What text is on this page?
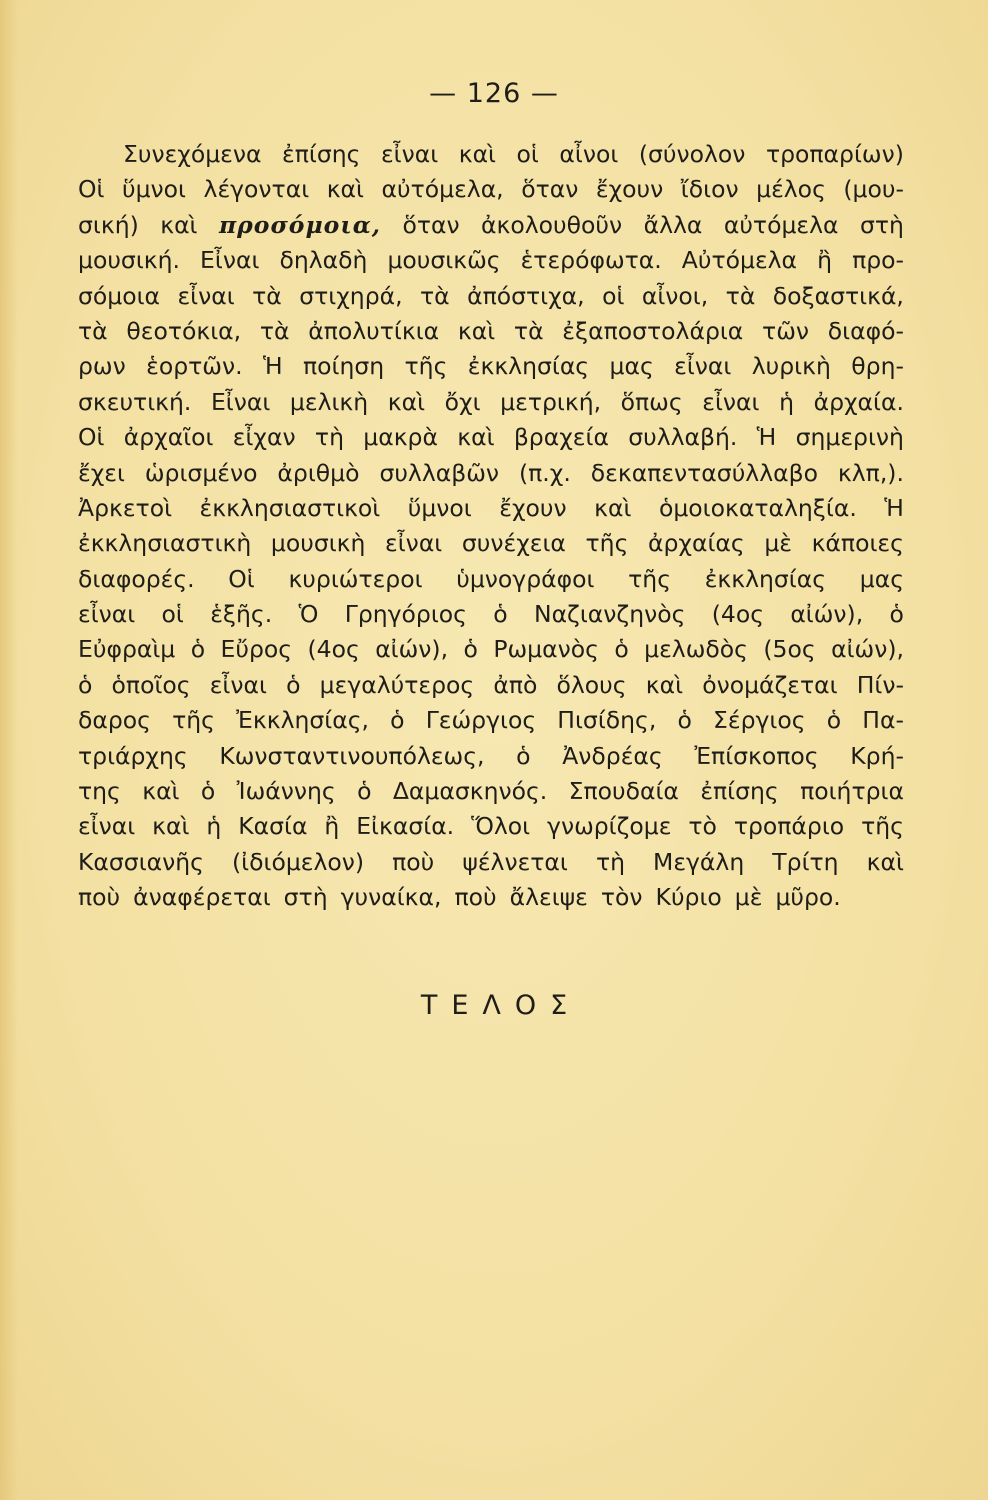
— 126 —
Συνεχόμενα ἐπίσης εἶναι καὶ οἱ αἶνοι (σύνολον τροπαρίων)
Οἱ ὕμνοι λέγονται καὶ αὐτόμελα, ὅταν ἔχουν ἴδιον μέλος (μου-
σική) καὶ προσόμοια, ὅταν ἀκολουθοῦν ἄλλα αὐτόμελα στὴ
μουσική. Εἶναι δηλαδὴ μουσικῶς ἑτερόφωτα. Αὐτόμελα ἢ προ-
σόμοια εἶναι τὰ στιχηρά, τὰ ἀπόστιχα, οἱ αἶνοι, τὰ δοξαστικά,
τὰ θεοτόκια, τὰ ἀπολυτίκια καὶ τὰ ἐξαποστολάρια τῶν διαφό-
ρων ἑορτῶν. Ἡ ποίηση τῆς ἐκκλησίας μας εἶναι λυρικὴ θρη-
σκευτική. Εἶναι μελικὴ καὶ ὄχι μετρική, ὅπως εἶναι ἡ ἀρχαία.
Οἱ ἀρχαῖοι εἶχαν τὴ μακρὰ καὶ βραχεία συλλαβή. Ἡ σημερινὴ
ἔχει ὡρισμένο ἀριθμὸ συλλαβῶν (π.χ. δεκαπεντασύλλαβο κλπ,).
Ἀρκετοὶ ἐκκλησιαστικοὶ ὕμνοι ἔχουν καὶ ὁμοιοκαταληξία. Ἡ
ἐκκλησιαστικὴ μουσικὴ εἶναι συνέχεια τῆς ἀρχαίας μὲ κάποιες
διαφορές. Οἱ κυριώτεροι ὑμνογράφοι τῆς ἐκκλησίας μας
εἶναι οἱ ἑξῆς. Ὁ Γρηγόριος ὁ Ναζιανζηνὸς (4ος αἰών), ὁ
Εὐφραὶμ ὁ Εὔρος (4ος αἰών), ὁ Ρωμανὸς ὁ μελωδὸς (5ος αἰών),
ὁ ὁποῖος εἶναι ὁ μεγαλύτερος ἀπὸ ὅλους καὶ ὀνομάζεται Πίν-
δαρος τῆς Ἐκκλησίας, ὁ Γεώργιος Πισίδης, ὁ Σέργιος ὁ Πα-
τριάρχης Κωνσταντινουπόλεως, ὁ Ἀνδρέας Ἐπίσκοπος Κρή-
της καὶ ὁ Ἰωάννης ὁ Δαμασκηνός. Σπουδαία ἐπίσης ποιήτρια
εἶναι καὶ ἡ Κασία ἢ Εἰκασία. Ὅλοι γνωρίζομε τὸ τροπάριο τῆς
Κασσιανῆς (ἰδιόμελον) ποὺ ψέλνεται τὴ Μεγάλη Τρίτη καὶ
ποὺ ἀναφέρεται στὴ γυναίκα, ποὺ ἄλειψε τὸν Κύριο μὲ μῦρο.
ΤΕΛΟΣ
